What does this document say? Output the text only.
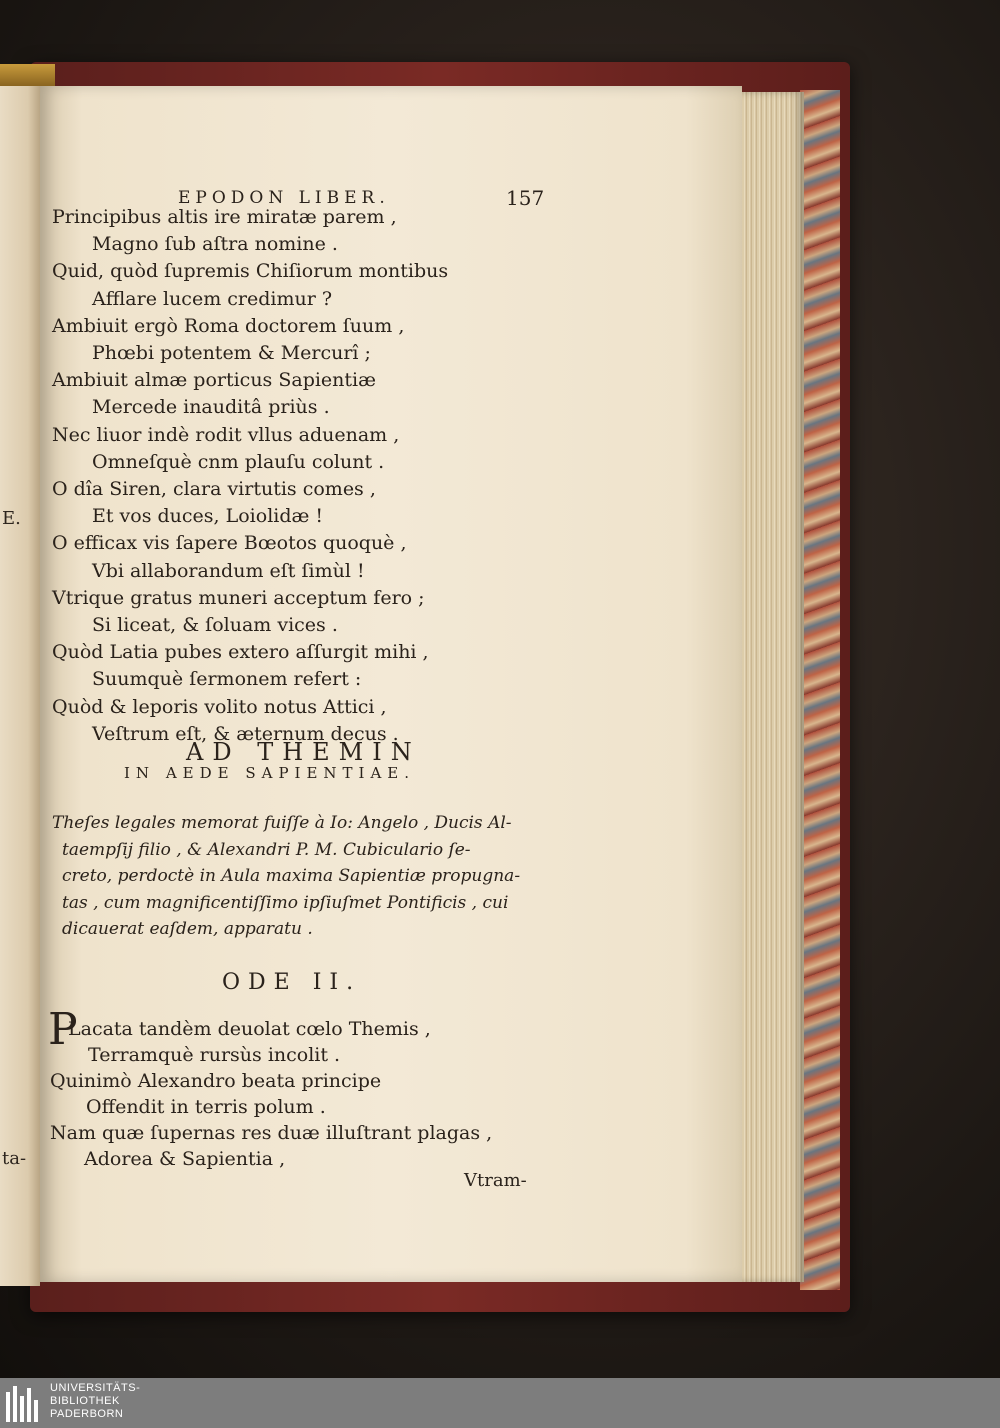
E.
ta-
EPODON LIBER.	157
Principibus altis ire miratæ parem ,
Magno ſub aſtra nomine .
Quid, quòd ſupremis Chiſiorum montibus
Afflare lucem credimur ?
Ambiuit ergò Roma doctorem ſuum ,
Phœbi potentem & Mercurî ;
Ambiuit almæ porticus Sapientiæ
Mercede inauditâ priùs .
Nec liuor indè rodit vllus aduenam ,
Omneſquè cnm plauſu colunt .
O dîa Siren, clara virtutis comes ,
Et vos duces, Loiolidæ !
O efficax vis ſapere Bœotos quoquè ,
Vbi allaborandum eſt ſimùl !
Vtrique gratus muneri acceptum fero ;
Si liceat, & ſoluam vices .
Quòd Latia pubes extero aſſurgit mihi ,
Suumquè ſermonem refert :
Quòd & leporis volito notus Attici ,
Veſtrum eſt, & æternum decus .
AD THEMIN
IN AEDE SAPIENTIAE.
Theſes legales memorat fuiſſe à Io: Angelo , Ducis Al-
taempſij filio , & Alexandri P. M. Cubiculario ſe-
creto, perdoctè in Aula maxima Sapientiæ propugna-
tas , cum magnificentiſſimo ipſiuſmet Pontificis , cui
dicauerat eaſdem, apparatu .
ODE II.
P
Lacata tandèm deuolat cœlo Themis ,
Terramquè rursùs incolit .
Quinimò Alexandro beata principe
Offendit in terris polum .
Nam quæ ſupernas res duæ illuſtrant plagas ,
Adorea & Sapientia ,
Vtram-
UNIVERSITÄTS-
BIBLIOTHEK
PADERBORN
